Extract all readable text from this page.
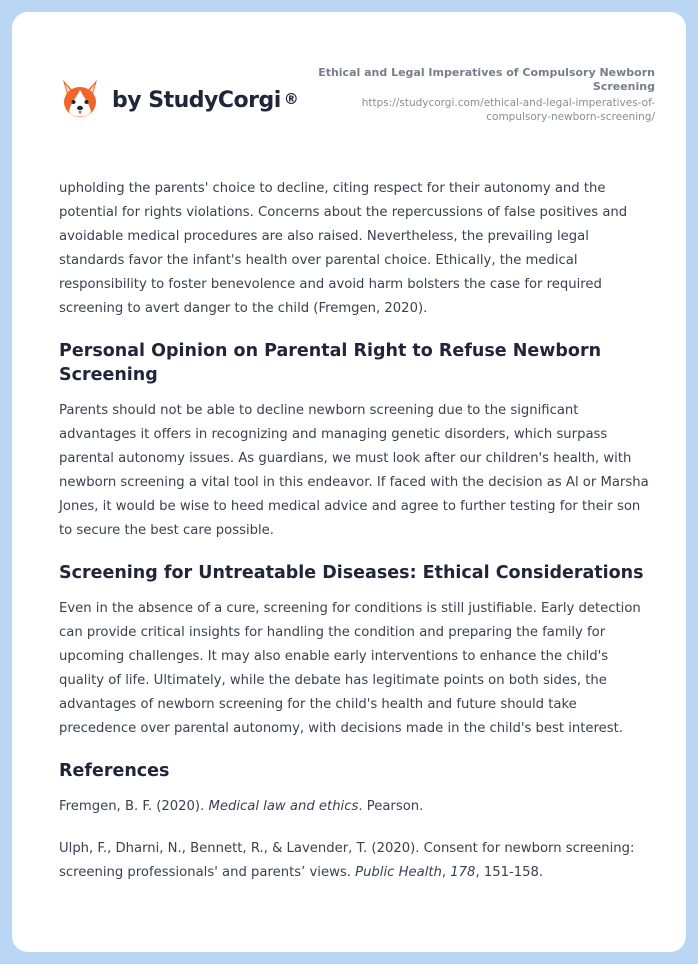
by StudyCorgi ®
Ethical and Legal Imperatives of Compulsory Newborn Screening
https://studycorgi.com/ethical-and-legal-imperatives-of-compulsory-newborn-screening/

upholding the parents' choice to decline, citing respect for their autonomy and the potential for rights violations. Concerns about the repercussions of false positives and avoidable medical procedures are also raised. Nevertheless, the prevailing legal standards favor the infant's health over parental choice. Ethically, the medical responsibility to foster benevolence and avoid harm bolsters the case for required screening to avert danger to the child (Fremgen, 2020).

Personal Opinion on Parental Right to Refuse Newborn Screening

Parents should not be able to decline newborn screening due to the significant advantages it offers in recognizing and managing genetic disorders, which surpass parental autonomy issues. As guardians, we must look after our children's health, with newborn screening a vital tool in this endeavor. If faced with the decision as Al or Marsha Jones, it would be wise to heed medical advice and agree to further testing for their son to secure the best care possible.

Screening for Untreatable Diseases: Ethical Considerations

Even in the absence of a cure, screening for conditions is still justifiable. Early detection can provide critical insights for handling the condition and preparing the family for upcoming challenges. It may also enable early interventions to enhance the child's quality of life. Ultimately, while the debate has legitimate points on both sides, the advantages of newborn screening for the child's health and future should take precedence over parental autonomy, with decisions made in the child's best interest.

References

Fremgen, B. F. (2020). Medical law and ethics. Pearson.

Ulph, F., Dharni, N., Bennett, R., & Lavender, T. (2020). Consent for newborn screening: screening professionals' and parents’ views. Public Health, 178, 151-158.
